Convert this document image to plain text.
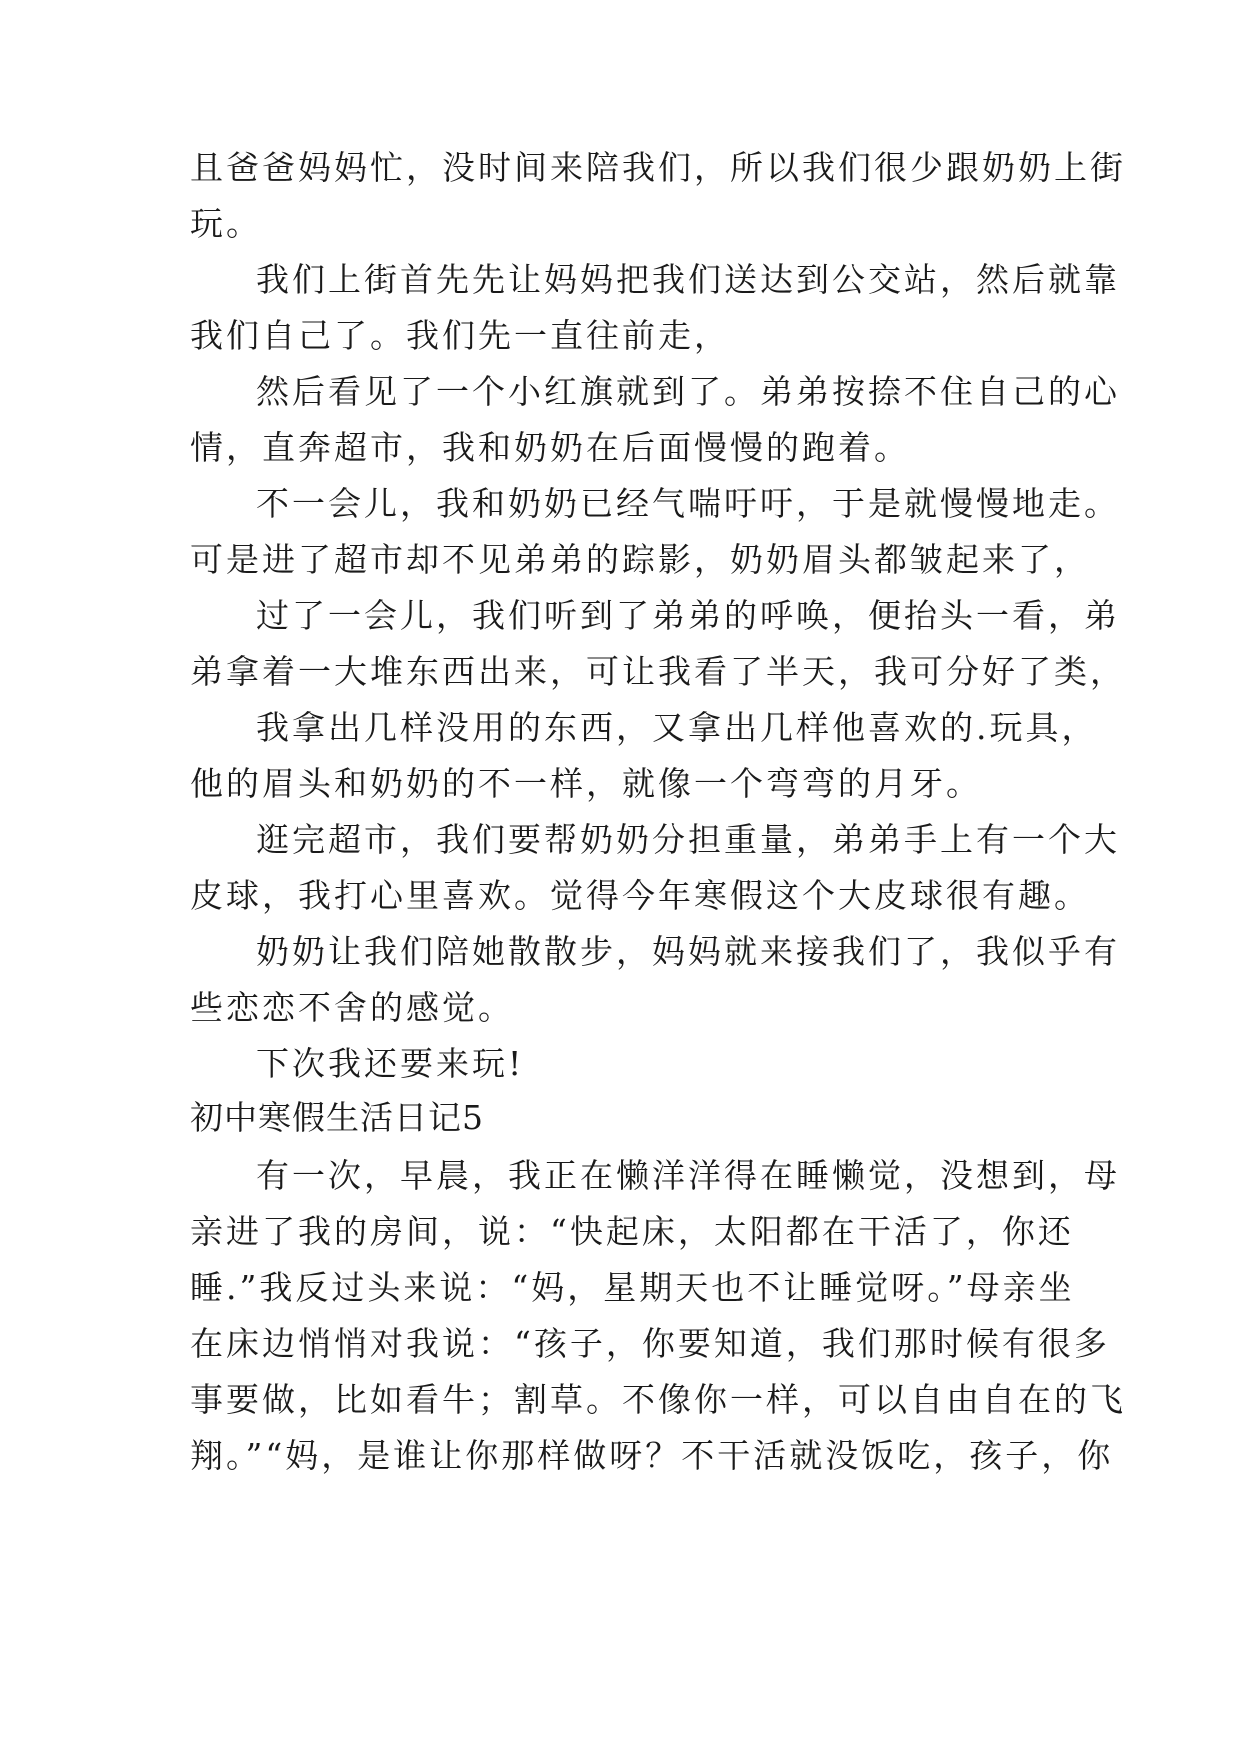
且爸爸妈妈忙，没时间来陪我们，所以我们很少跟奶奶上街
玩。
我们上街首先先让妈妈把我们送达到公交站，然后就靠
我们自己了。我们先一直往前走，
然后看见了一个小红旗就到了。弟弟按捺不住自己的心
情，直奔超市，我和奶奶在后面慢慢的跑着。
不一会儿，我和奶奶已经气喘吁吁，于是就慢慢地走。
可是进了超市却不见弟弟的踪影，奶奶眉头都皱起来了，
过了一会儿，我们听到了弟弟的呼唤，便抬头一看，弟
弟拿着一大堆东西出来，可让我看了半天，我可分好了类，
我拿出几样没用的东西，又拿出几样他喜欢的.玩具，
他的眉头和奶奶的不一样，就像一个弯弯的月牙。
逛完超市，我们要帮奶奶分担重量，弟弟手上有一个大
皮球，我打心里喜欢。觉得今年寒假这个大皮球很有趣。
奶奶让我们陪她散散步，妈妈就来接我们了，我似乎有
些恋恋不舍的感觉。
下次我还要来玩!
初中寒假生活日记5
有一次，早晨，我正在懒洋洋得在睡懒觉，没想到，母
亲进了我的房间，说：“快起床，太阳都在干活了，你还
睡.”我反过头来说：“妈，星期天也不让睡觉呀。”母亲坐
在床边悄悄对我说：“孩子，你要知道，我们那时候有很多
事要做，比如看牛；割草。不像你一样，可以自由自在的飞
翔。”“妈，是谁让你那样做呀？不干活就没饭吃，孩子，你
